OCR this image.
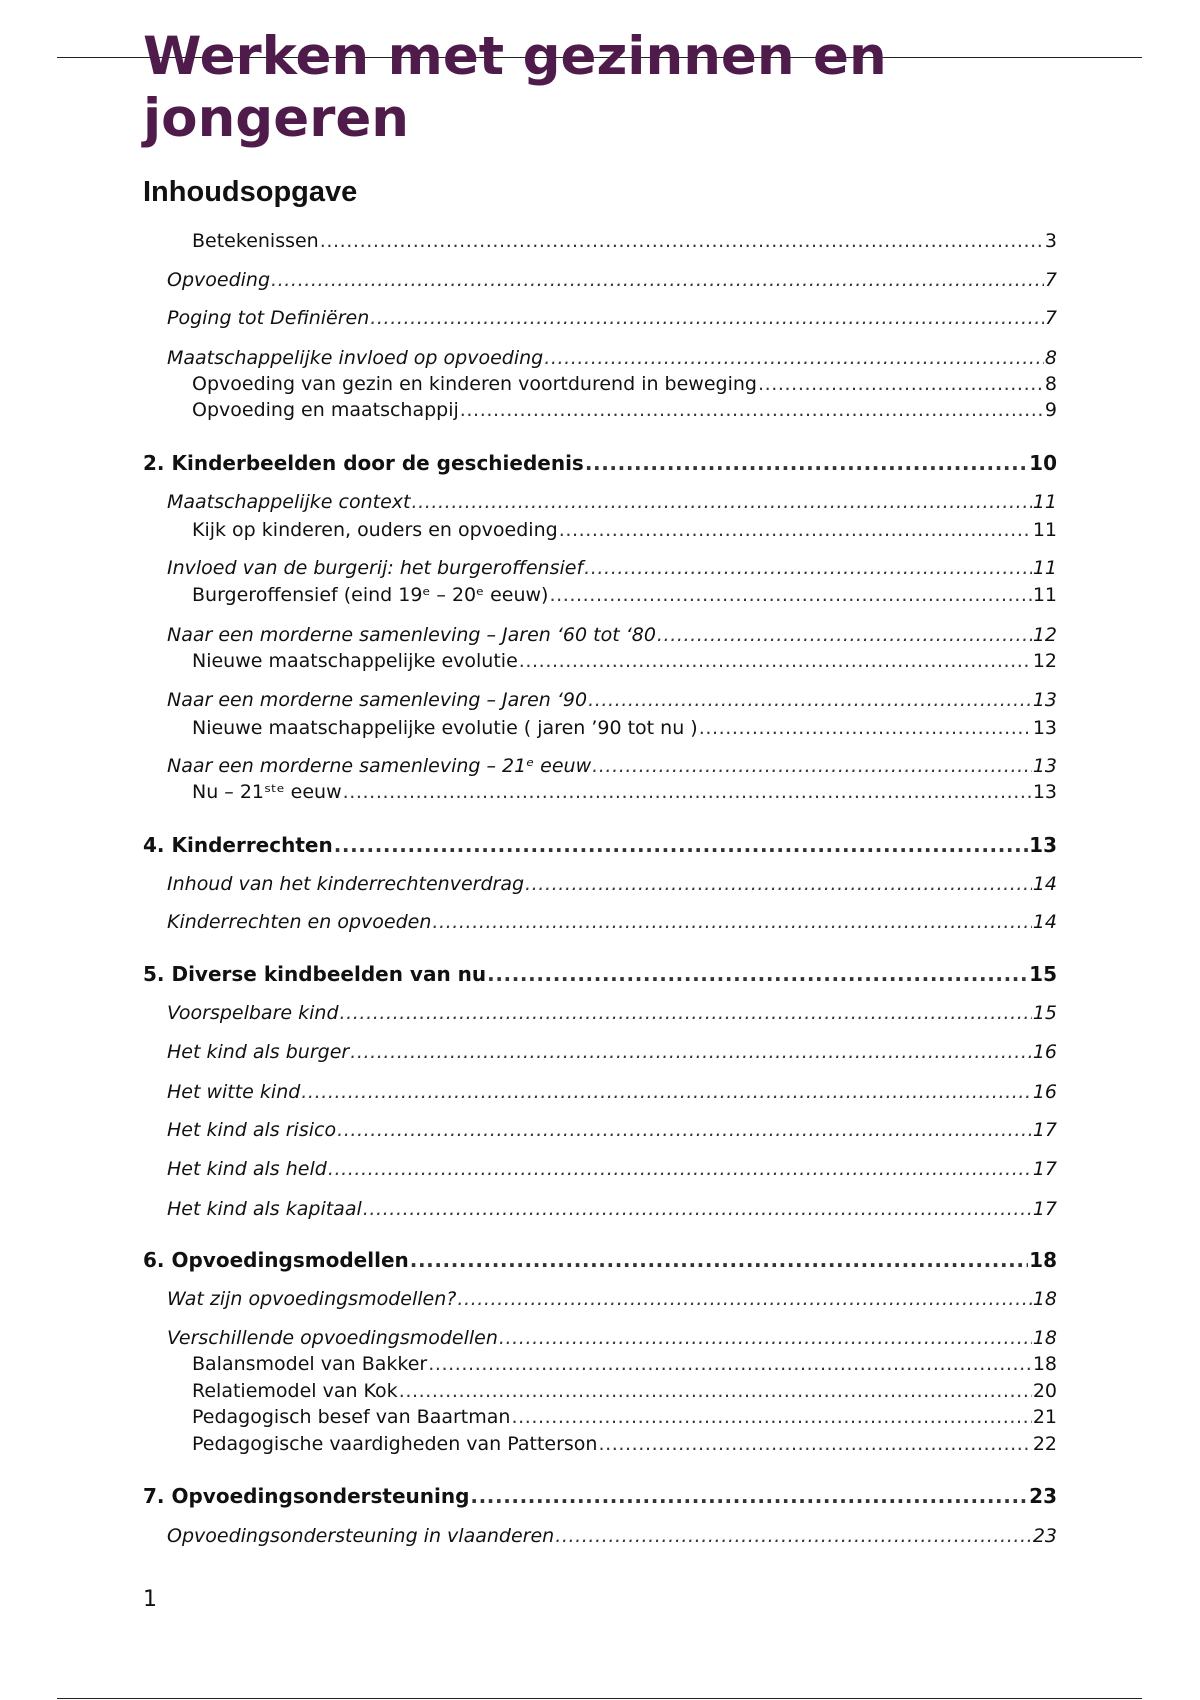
Werken met gezinnen en jongeren
Inhoudsopgave
Betekenissen .....	3
Opvoeding .....	7
Poging tot Definiëren .....	7
Maatschappelijke invloed op opvoeding .....	8
Opvoeding van gezin en kinderen voortdurend in beweging .....	8
Opvoeding en maatschappij .....	9
2. Kinderbeelden door de geschiedenis .....	10
Maatschappelijke context .....	11
Kijk op kinderen, ouders en opvoeding .....	11
Invloed van de burgerij: het burgeroffensief .....	11
Burgeroffensief (eind 19ᵉ – 20ᵉ eeuw) .....	11
Naar een morderne samenleving – Jaren ‘60 tot ‘80 .....	12
Nieuwe maatschappelijke evolutie .....	12
Naar een morderne samenleving – Jaren ‘90 .....	13
Nieuwe maatschappelijke evolutie ( jaren ’90 tot nu ) .....	13
Naar een morderne samenleving – 21ᵉ eeuw .....	13
Nu – 21ˢᵗᵉ eeuw .....	13
4. Kinderrechten .....	13
Inhoud van het kinderrechtenverdrag .....	14
Kinderrechten en opvoeden .....	14
5. Diverse kindbeelden van nu .....	15
Voorspelbare kind .....	15
Het kind als burger .....	16
Het witte kind .....	16
Het kind als risico .....	17
Het kind als held .....	17
Het kind als kapitaal .....	17
6. Opvoedingsmodellen .....	18
Wat zijn opvoedingsmodellen? .....	18
Verschillende opvoedingsmodellen .....	18
Balansmodel van Bakker .....	18
Relatiemodel van Kok .....	20
Pedagogisch besef van Baartman .....	21
Pedagogische vaardigheden van Patterson .....	22
7. Opvoedingsondersteuning .....	23
Opvoedingsondersteuning in vlaanderen .....	23
1
